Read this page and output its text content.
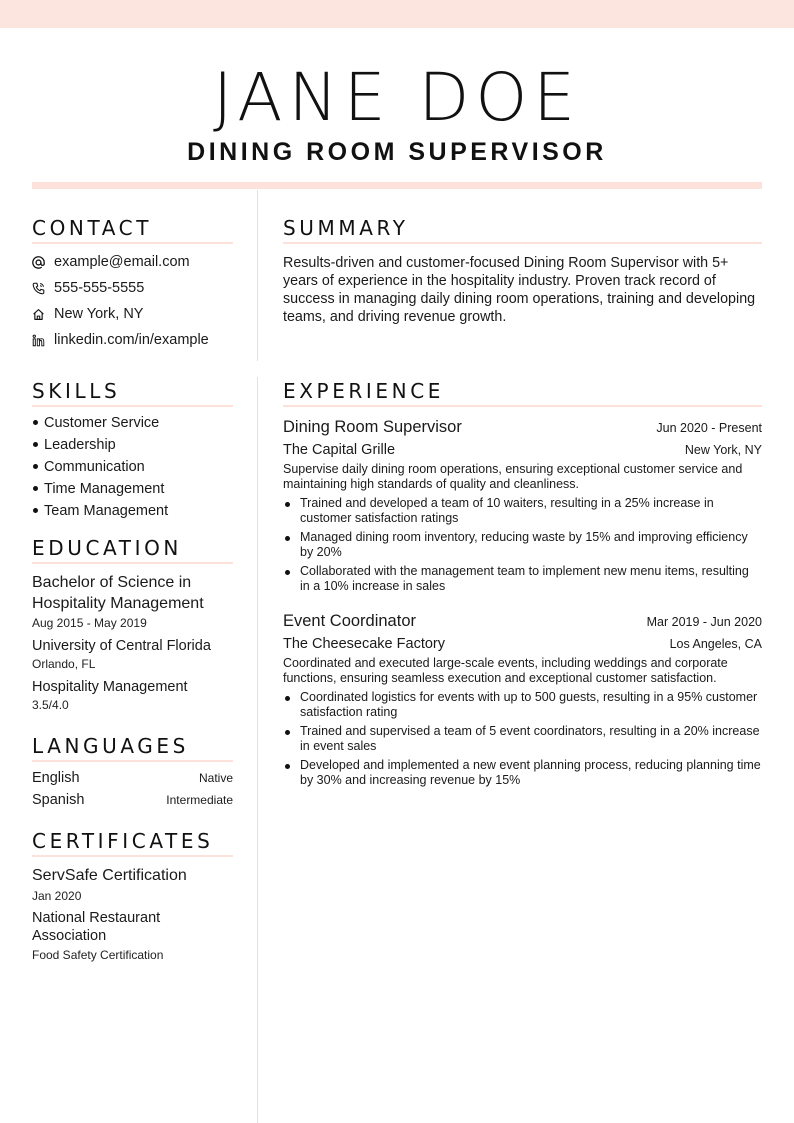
JANE DOE
DINING ROOM SUPERVISOR
CONTACT
example@email.com
555-555-5555
New York, NY
linkedin.com/in/example
SUMMARY
Results-driven and customer-focused Dining Room Supervisor with 5+ years of experience in the hospitality industry. Proven track record of success in managing daily dining room operations, training and developing teams, and driving revenue growth.
SKILLS
Customer Service
Leadership
Communication
Time Management
Team Management
EDUCATION
Bachelor of Science in Hospitality Management
Aug 2015 - May 2019
University of Central Florida
Orlando, FL
Hospitality Management
3.5/4.0
LANGUAGES
English	Native
Spanish	Intermediate
CERTIFICATES
ServSafe Certification
Jan 2020
National Restaurant Association
Food Safety Certification
EXPERIENCE
Dining Room Supervisor	Jun 2020 - Present
The Capital Grille	New York, NY
Supervise daily dining room operations, ensuring exceptional customer service and maintaining high standards of quality and cleanliness.
Trained and developed a team of 10 waiters, resulting in a 25% increase in customer satisfaction ratings
Managed dining room inventory, reducing waste by 15% and improving efficiency by 20%
Collaborated with the management team to implement new menu items, resulting in a 10% increase in sales
Event Coordinator	Mar 2019 - Jun 2020
The Cheesecake Factory	Los Angeles, CA
Coordinated and executed large-scale events, including weddings and corporate functions, ensuring seamless execution and exceptional customer satisfaction.
Coordinated logistics for events with up to 500 guests, resulting in a 95% customer satisfaction rating
Trained and supervised a team of 5 event coordinators, resulting in a 20% increase in event sales
Developed and implemented a new event planning process, reducing planning time by 30% and increasing revenue by 15%
